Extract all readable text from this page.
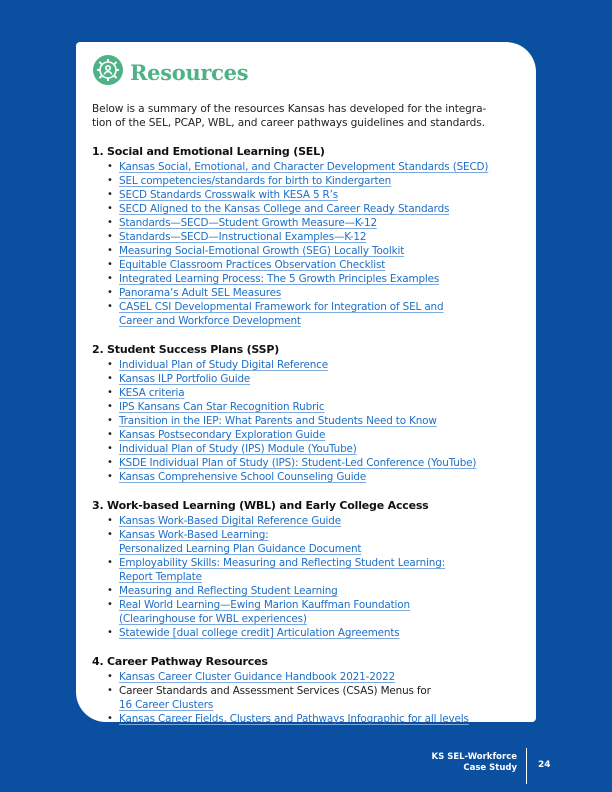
Resources
Below is a summary of the resources Kansas has developed for the integra-
tion of the SEL, PCAP, WBL, and career pathways guidelines and standards.
1. Social and Emotional Learning (SEL)
• Kansas Social, Emotional, and Character Development Standards (SECD)
• SEL competencies/standards for birth to Kindergarten
• SECD Standards Crosswalk with KESA 5 R’s
• SECD Aligned to the Kansas College and Career Ready Standards
• Standards—SECD—Student Growth Measure—K-12
• Standards—SECD—Instructional Examples—K-12
• Measuring Social-Emotional Growth (SEG) Locally Toolkit
• Equitable Classroom Practices Observation Checklist
• Integrated Learning Process: The 5 Growth Principles Examples
• Panorama’s Adult SEL Measures
• CASEL CSI Developmental Framework for Integration of SEL and
Career and Workforce Development
2. Student Success Plans (SSP)
• Individual Plan of Study Digital Reference
• Kansas ILP Portfolio Guide
• KESA criteria
• IPS Kansans Can Star Recognition Rubric
• Transition in the IEP: What Parents and Students Need to Know
• Kansas Postsecondary Exploration Guide
• Individual Plan of Study (IPS) Module (YouTube)
• KSDE Individual Plan of Study (IPS): Student-Led Conference (YouTube)
• Kansas Comprehensive School Counseling Guide
3. Work-based Learning (WBL) and Early College Access
• Kansas Work-Based Digital Reference Guide
• Kansas Work-Based Learning:
Personalized Learning Plan Guidance Document
• Employability Skills: Measuring and Reflecting Student Learning:
Report Template
• Measuring and Reflecting Student Learning
• Real World Learning—Ewing Marion Kauffman Foundation
(Clearinghouse for WBL experiences)
• Statewide [dual college credit] Articulation Agreements
4. Career Pathway Resources
• Kansas Career Cluster Guidance Handbook 2021-2022
• Career Standards and Assessment Services (CSAS) Menus for
16 Career Clusters
• Kansas Career Fields, Clusters and Pathways Infographic for all levels
KS SEL-Workforce
Case Study 24
